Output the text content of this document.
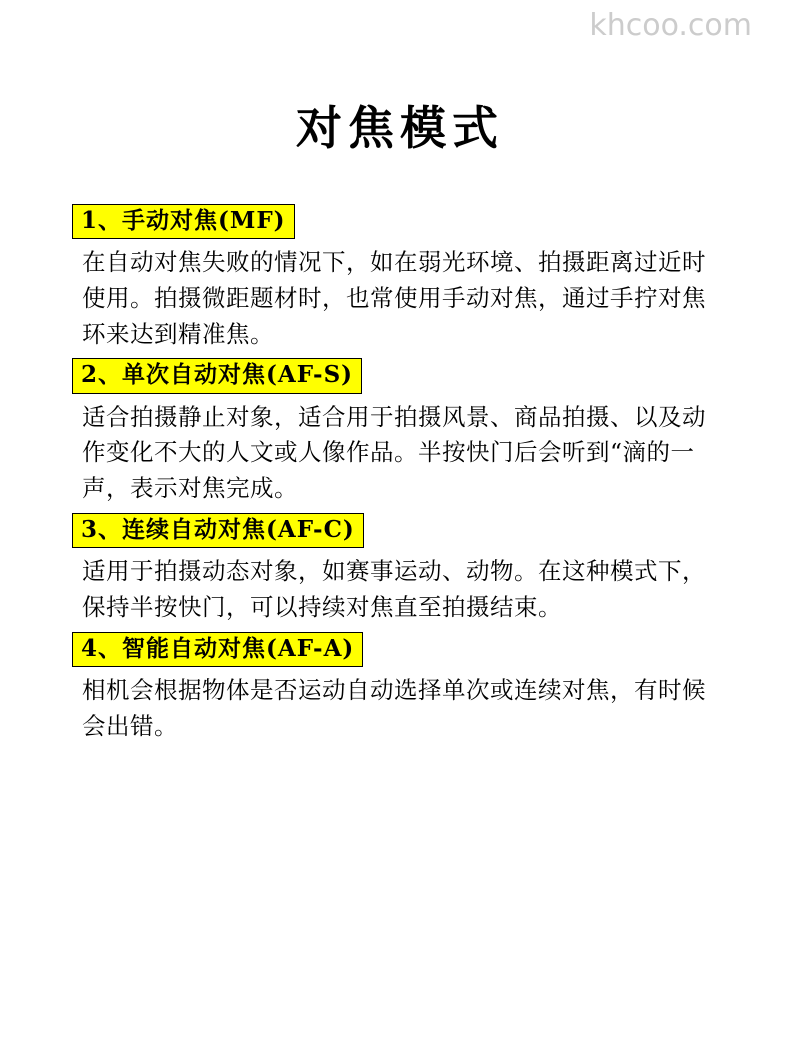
khcoo.com
对焦模式
1、手动对焦(MF)
在自动对焦失败的情况下，如在弱光环境、拍摄距离过近时使用。拍摄微距题材时，也常使用手动对焦，通过手拧对焦环来达到精准焦。
2、单次自动对焦(AF-S)
适合拍摄静止对象，适合用于拍摄风景、商品拍摄、以及动作变化不大的人文或人像作品。半按快门后会听到“滴的一声，表示对焦完成。
3、连续自动对焦(AF-C)
适用于拍摄动态对象，如赛事运动、动物。在这种模式下，保持半按快门，可以持续对焦直至拍摄结束。
4、智能自动对焦(AF-A)
相机会根据物体是否运动自动选择单次或连续对焦，有时候会出错。
